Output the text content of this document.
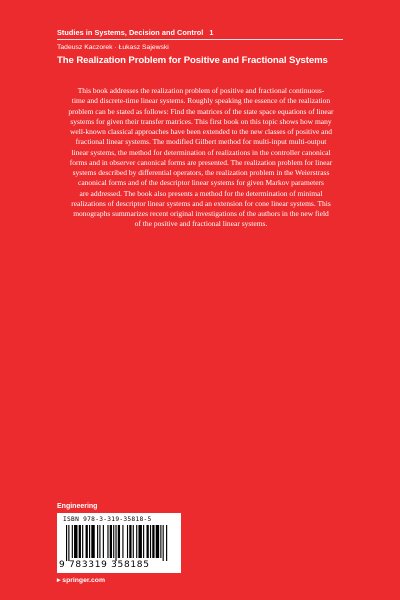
Studies in Systems, Decision and Control 1
Tadeusz Kaczorek · Łukasz Sajewski
The Realization Problem for Positive and Fractional Systems

This book addresses the realization problem of positive and fractional continuous-
time and discrete-time linear systems. Roughly speaking the essence of the realization
problem can be stated as follows: Find the matrices of the state space equations of linear
systems for given their transfer matrices. This first book on this topic shows how many
well-known classical approaches have been extended to the new classes of positive and
fractional linear systems. The modified Gilbert method for multi-input multi-output
linear systems, the method for determination of realizations in the controller canonical
forms and in observer canonical forms are presented. The realization problem for linear
systems described by differential operators, the realization problem in the Weierstrass
canonical forms and of the descriptor linear systems for given Markov parameters
are addressed. The book also presents a method for the determination of minimal
realizations of descriptor linear systems and an extension for cone linear systems. This
monographs summarizes recent original investigations of the authors in the new field
of the positive and fractional linear systems.

Engineering
ISBN 978-3-319-35818-5
9 783319 358185
▸ springer.com
